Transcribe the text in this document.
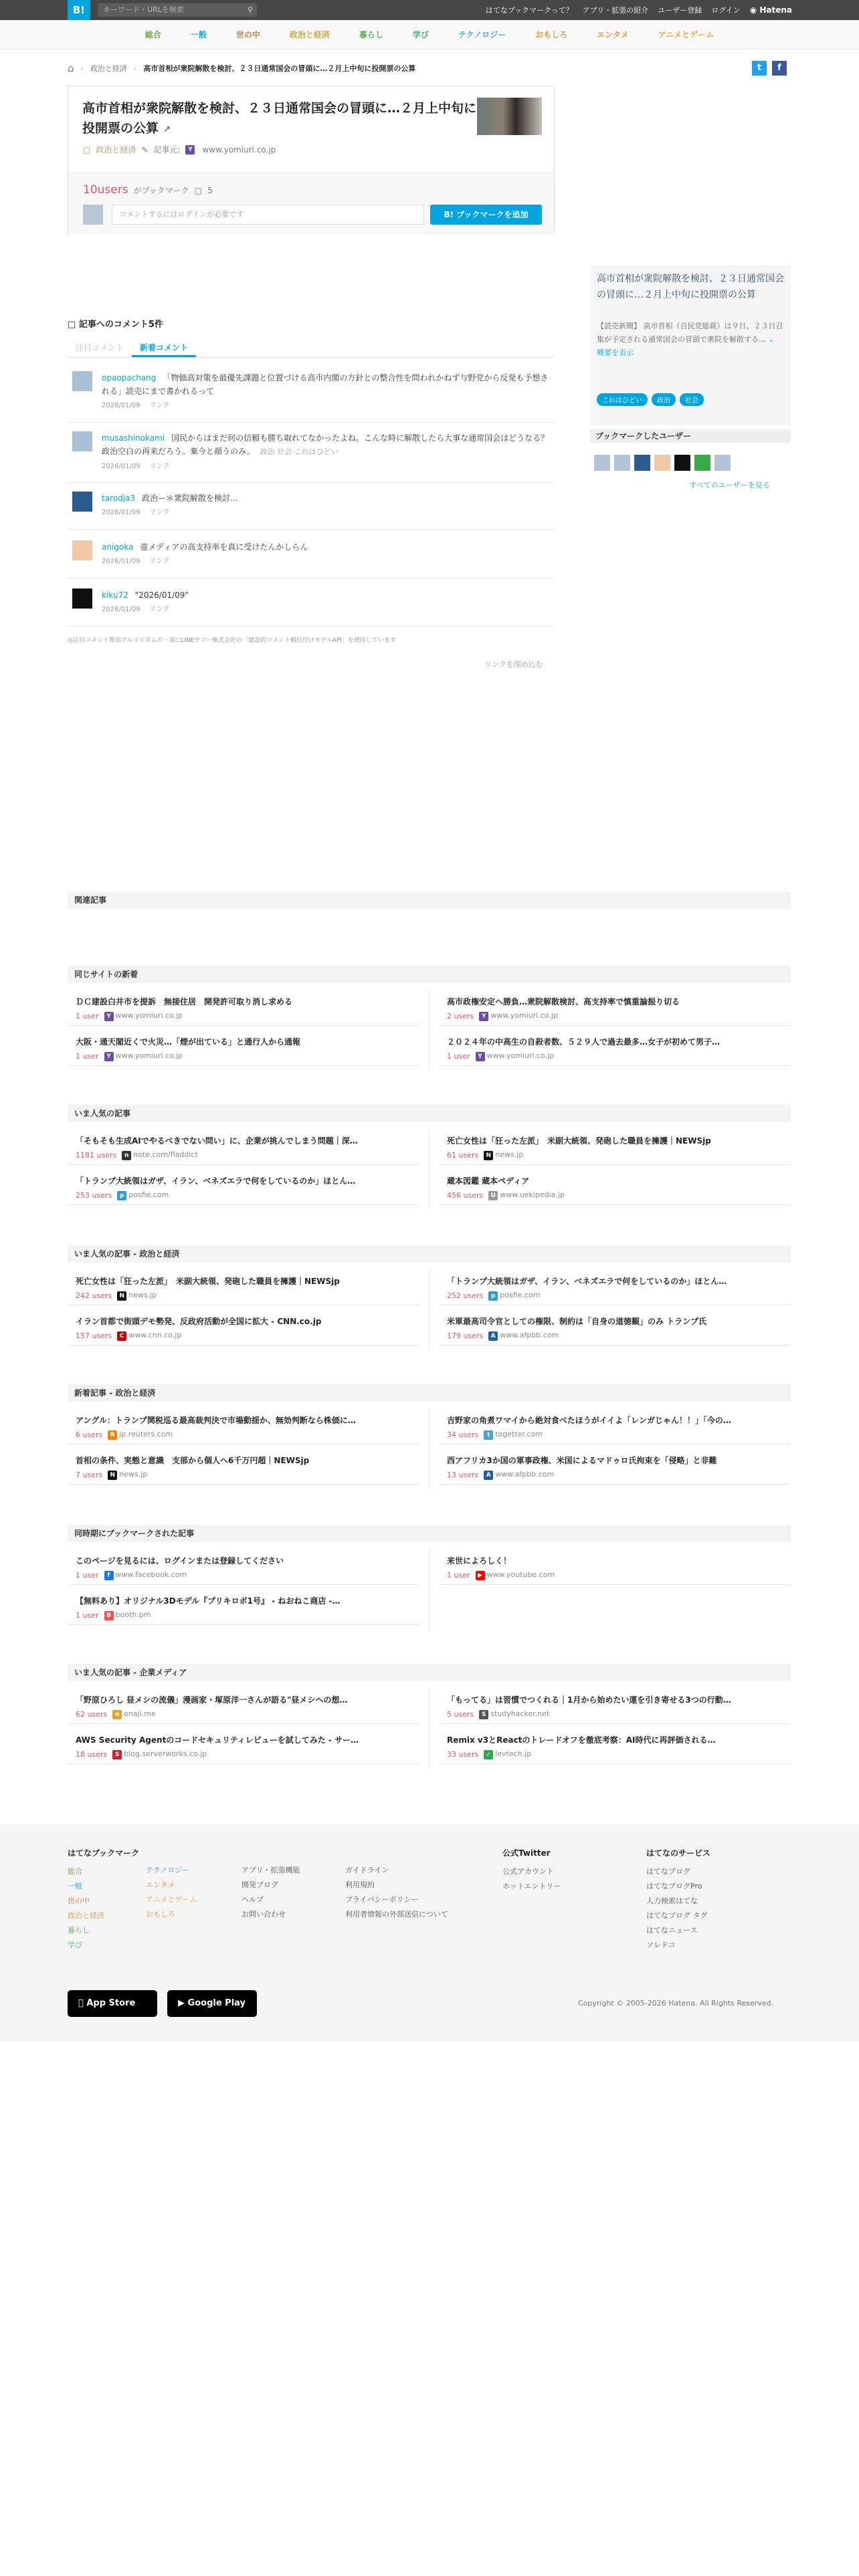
B!	キーワード・URLを検索	⚲	はてなブックマークって？ アプリ・拡張の紹介 ユーザー登録 ログイン ◉ Hatena
総合	一般	世の中	政治と経済	暮らし	学び	テクノロジー	おもしろ	エンタメ	アニメとゲーム
⌂ › 政治と経済 › 高市首相が衆院解散を検討、２３日通常国会の冒頭に…２月上中旬に投開票の公算	t	f
高市首相が衆院解散を検討、２３日通常国会の冒頭に…２月上中旬に投開票の公算 ↗
▢ 政治と経済 ✎ 記事元:	Y	www.yomiuri.co.jp
10users がブックマーク □ 5
コメントするにはログインが必要です	B! ブックマークを追加
高市首相が衆院解散を検討、２３日通常国会の冒頭に…２月上中旬に投開票の公算

【読売新聞】 高市首相（自民党総裁）は９日、２３日召集が予定される通常国会の冒頭で衆院を解散する… ⌄ 概要を表示

これはひどい	政治	社会
ブックマークしたユーザー
すべてのユーザーを見る
□ 記事へのコメント5件
注目コメント	新着コメント
opaopachang 「物価高対策を最優先課題と位置づける高市内閣の方針との整合性を問われかねず与野党から反発も予想される」読売にまで書かれるって
2026/01/09 リンク
musashinokami 国民からはまだ何の信頼も勝ち取れてなかったよね。こんな時に解散したら大事な通常国会はどうなる？　政治空白の再来だろう。棄今と顔うのみ。 政治 社会 これはひどい
2026/01/09 リンク
tarodja3 政治ー＊衆院解散を検討…
2026/01/09 リンク
anigoka 壺メディアの高支持率を真に受けたんかしらん
2026/01/09 リンク
kiku72 "2026/01/09"
2026/01/09 リンク
◎注目コメント算出アルゴリズムの一部にLINEヤフー株式会社の「建設的コメント順位付けモデルAPI」を使用しています
リンクを埋め込む
関連記事
同じサイトの新着
ＤＣ建設白井市を提訴　無接住居　開発許可取り消し求める
1 user	Y www.yomiuri.co.jp
大阪・通天閣近くで火災…「煙が出ている」と通行人から通報
1 user	Y www.yomiuri.co.jp
高市政権安定へ勝負…衆院解散検討、高支持率で慎重論振り切る
2 users	Y www.yomiuri.co.jp
２０２４年の中高生の自殺者数、５２９人で過去最多…女子が初めて男子…
1 user	Y www.yomiuri.co.jp
いま人気の記事
「そもそも生成AIでやるべきでない問い」に、企業が挑んでしまう問題｜深…
1181 users	n note.com/fladdict
「トランプ大統領はガザ、イラン、ベネズエラで何をしているのか」ほとん…
253 users	p posfie.com
死亡女性は「狂った左派」　米副大統領、発砲した職員を擁護｜NEWSjp
61 users	N news.jp
蔵本図鑑 蔵本ペディア
456 users	U www.uekipedia.jp
いま人気の記事 - 政治と経済
死亡女性は「狂った左派」　米副大統領、発砲した職員を擁護｜NEWSjp
242 users	N news.jp
イラン首都で街頭デモ勢発、反政府活動が全国に拡大 - CNN.co.jp
157 users	C www.cnn.co.jp
「トランプ大統領はガザ、イラン、ベネズエラで何をしているのか」ほとん…
252 users	p posfie.com
米軍最高司令官としての権限、制約は「自身の道徳観」のみ トランプ氏
179 users	A www.afpbb.com
新着記事 - 政治と経済
アングル：トランプ関税巡る最高裁判決で市場動揺か、無効判断なら株価に…
6 users	R jp.reuters.com
首相の条件、実態と意識　支部から個人へ6千万円超｜NEWSjp
7 users	N news.jp
吉野家の角煮ワマイから絶対食べたほうがイイよ「レンガじゃん！！」「今の…
34 users	t togetter.com
西アフリカ3か国の軍事政権、米国によるマドゥロ氏拘束を「侵略」と非難
13 users	A www.afpbb.com
同時期にブックマークされた記事
このページを見るには、ログインまたは登録してください
1 user	f www.facebook.com
【無料あり】オリジナル3Dモデル『プリキロボ1号』 - ねおねこ商店 -…
1 user	B booth.pm
来世によろしく！
1 user	▶ www.youtube.com
いま人気の記事 - 企業メディア
「野原ひろし 昼メシの流儀」漫画家・塚原洋一さんが語る"昼メシへの想…
62 users	o onaji.me
AWS Security Agentのコードセキュリティレビューを試してみた - サー…
18 users	S blog.serverworks.co.jp
「もってる」は習慣でつくれる｜1月から始めたい運を引き寄せる3つの行動…
5 users	S studyhacker.net
Remix v3とReactのトレードオフを徹底考察：AI時代に再評価される…
33 users	✓ levtech.jp
はてなブックマーク
総合
一般
世の中
政治と経済
暮らし
学び
テクノロジー
エンタメ
アニメとゲーム
おもしろ
アプリ・拡張機能
開発ブログ
ヘルプ
お問い合わせ
ガイドライン
利用規約
プライバシーポリシー
利用者情報の外部送信について
公式Twitter
公式アカウント
ホットエントリー
はてなのサービス
はてなブログ
はてなブログPro
人力検索はてな
はてなブログ タグ
はてなニュース
ソレドコ
App Store	▶ Google Play	Copyright © 2005-2026 Hatena. All Rights Reserved.
